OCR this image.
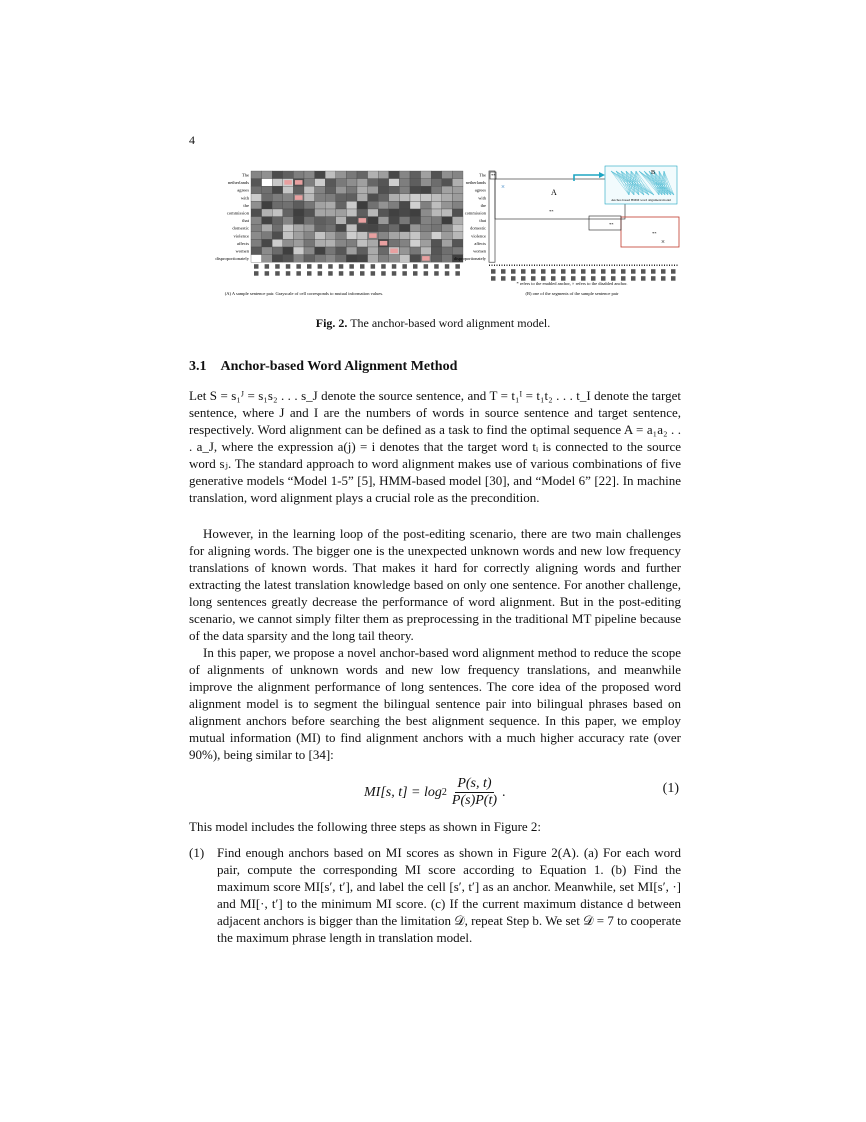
4
The
netherlands
agrees
with
the
commission
that
domestic
violence
affects
women
disproportionately
The
netherlands
agrees
with
the
commission
that
domestic
violence
affects
women
disproportionately
A
**
**
**
**
×
×
B
Anchor-based HMM word alignment model
(A) A sample sentence pair. Grayscale of cell corresponds to mutual information values.
* refers to the enabled anchor, × refers to the disabled anchor.
(B) one of the segments of the sample sentence pair
Fig. 2. The anchor-based word alignment model.
3.1 Anchor-based Word Alignment Method

Let S = s₁ᴶ = s₁s₂ . . . s_J denote the source sentence, and T = t₁ᴵ = t₁t₂ . . . t_I denote the target sentence, where J and I are the numbers of words in source sentence and target sentence, respectively. Word alignment can be defined as a task to find the optimal sequence A = a₁a₂ . . . a_J, where the expression a(j) = i denotes that the target word tᵢ is connected to the source word sⱼ. The standard approach to word alignment makes use of various combinations of five generative models “Model 1-5” [5], HMM-based model [30], and “Model 6” [22]. In machine translation, word alignment plays a crucial role as the precondition.

However, in the learning loop of the post-editing scenario, there are two main challenges for aligning words. The bigger one is the unexpected unknown words and new low frequency translations of known words. That makes it hard for correctly aligning words and further extracting the latest translation knowledge based on only one sentence. For another challenge, long sentences greatly decrease the performance of word alignment. But in the post-editing scenario, we cannot simply filter them as preprocessing in the traditional MT pipeline because of the data sparsity and the long tail theory.

In this paper, we propose a novel anchor-based word alignment method to reduce the scope of alignments of unknown words and new low frequency translations, and meanwhile improve the alignment performance of long sentences. The core idea of the proposed word alignment model is to segment the bilingual sentence pair into bilingual phrases based on alignment anchors before searching the best alignment sequence. In this paper, we employ mutual information (MI) to find alignment anchors with a much higher accuracy rate (over 90%), being similar to [34]:

MI[s, $t] = \log 2 \frac{P(s, t)}{P(s)P(t)}$ .	(1)

This model includes the following three steps as shown in Figure 2:

(1) Find enough anchors based on MI scores as shown in Figure 2(A). (a) For each word pair, compute the corresponding MI score according to Equation 1. (b) Find the maximum score MI[s′, t′], and label the cell [s′, t′] as an anchor. Meanwhile, set MI[s′, ·] and MI[·, t′] to the minimum MI score. (c) If the current maximum distance d between adjacent anchors is bigger than the limitation 𝒟, repeat Step b. We set 𝒟 = 7 to cooperate the maximum phrase length in translation model.
